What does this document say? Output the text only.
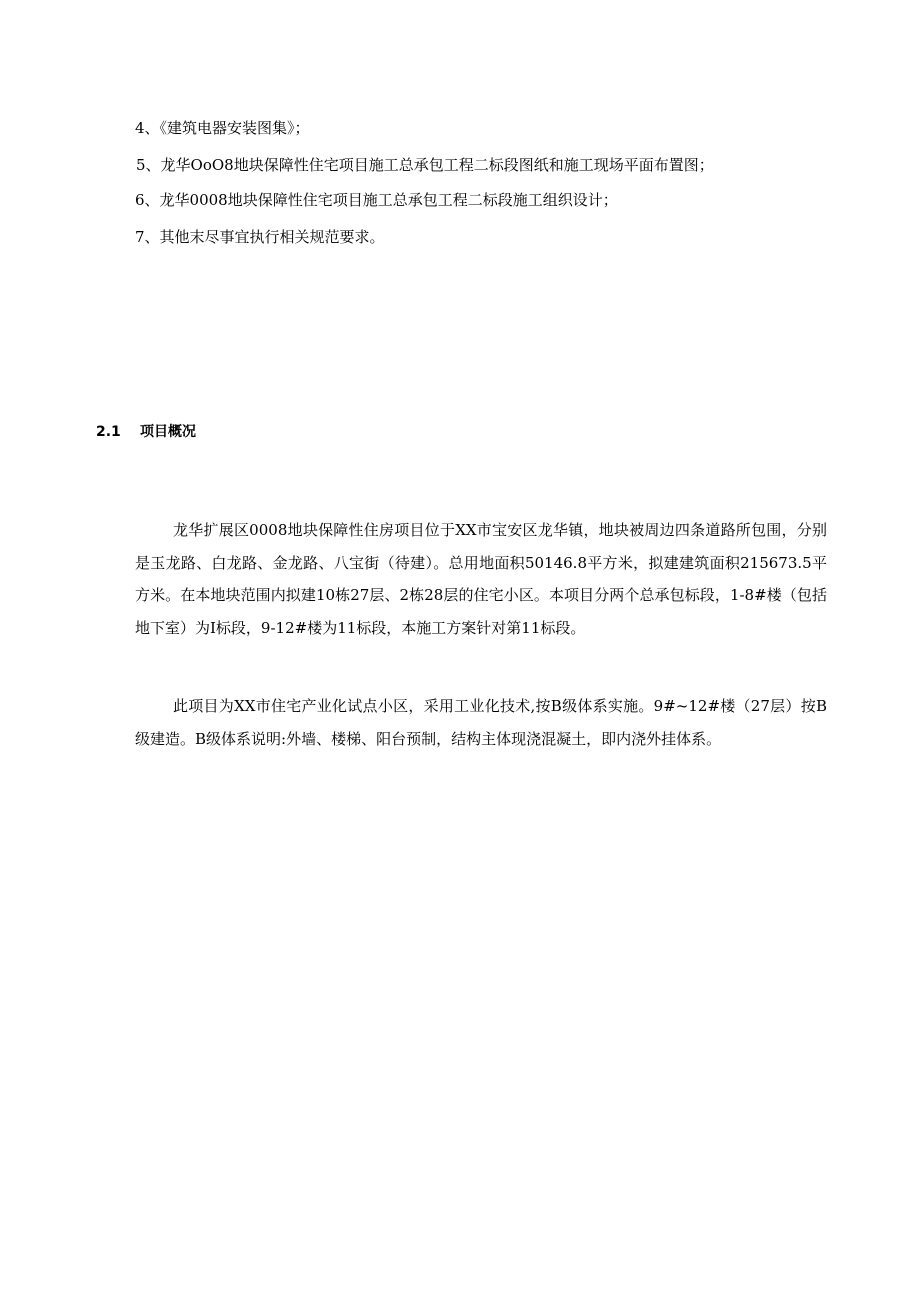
4、《建筑电器安装图集》；
5、龙华OoO8地块保障性住宅项目施工总承包工程二标段图纸和施工现场平面布置图；
6、龙华0008地块保障性住宅项目施工总承包工程二标段施工组织设计；
7、其他末尽事宜执行相关规范要求。
2.1 项目概况

龙华扩展区0008地块保障性住房项目位于XX市宝安区龙华镇，地块被周边四条道路所包围，分别是玉龙路、白龙路、金龙路、八宝街（待建）。总用地面积50146.8平方米，拟建建筑面积215673.5平方米。在本地块范围内拟建10栋27层、2栋28层的住宅小区。本项目分两个总承包标段，1-8#楼（包括地下室）为I标段，9-12#楼为11标段，本施工方案针对第11标段。

此项目为XX市住宅产业化试点小区，采用工业化技术,按B级体系实施。9#~12#楼（27层）按B级建造。B级体系说明:外墙、楼梯、阳台预制，结构主体现浇混凝土，即内浇外挂体系。
